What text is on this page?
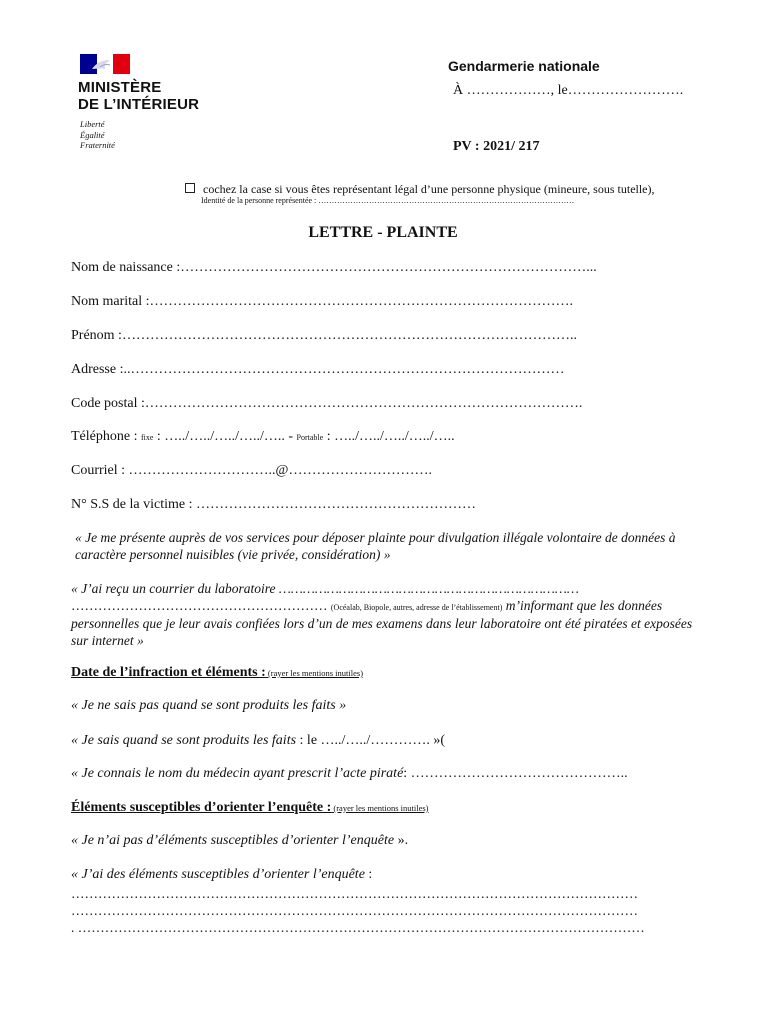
MINISTÈRE
DE L’INTÉRIEUR
Liberté
Égalité
Fraternité
Gendarmerie nationale
À ………………, le…………………….
PV : 2021/ 217
cochez la case si vous êtes représentant légal d’une personne physique (mineure, sous tutelle),
Identité de la personne représentée : ……………………………………………………………………………………
LETTRE - PLAINTE
Nom de naissance :……………………………………………………………………………...
Nom marital :……………………………………………………………………………….
Prénom :……………………………………………………………………………………..
Adresse :..…………………………………………………………………………………
Code postal :………………………………………………………………………………….
Téléphone : fixe : …../…../…../…../….. - Portable : …../…../…../…../…..
Courriel : …………………………..@………………………….
N° S.S de la victime : ……………………………………………………
« Je me présente auprès de vos services pour déposer plainte pour divulgation illégale volontaire de données à caractère personnel nuisibles (vie privée, considération) »
« J’ai reçu un courrier du laboratoire …………………………………………………………………
………………………………………………… (Océalab, Biopole, autres, adresse de l’établissement) m’informant que les données personnelles que je leur avais confiées lors d’un de mes examens dans leur laboratoire ont été piratées et exposées sur internet »
Date de l’infraction et éléments : (rayer les mentions inutiles)
« Je ne sais pas quand se sont produits les faits »
« Je sais quand se sont produits les faits : le …../…../…………. »(
« Je connais le nom du médecin ayant prescrit l’acte piraté: ………………………………………..
Éléments susceptibles d’orienter l’enquête : (rayer les mentions inutiles)
« Je n’ai pas d’éléments susceptibles d’orienter l’enquête ».
« J’ai des éléments susceptibles d’orienter l’enquête :
………………………………………………………………………………………………………………
………………………………………………………………………………………………………………
. ………………………………………………………………………………………………………………
